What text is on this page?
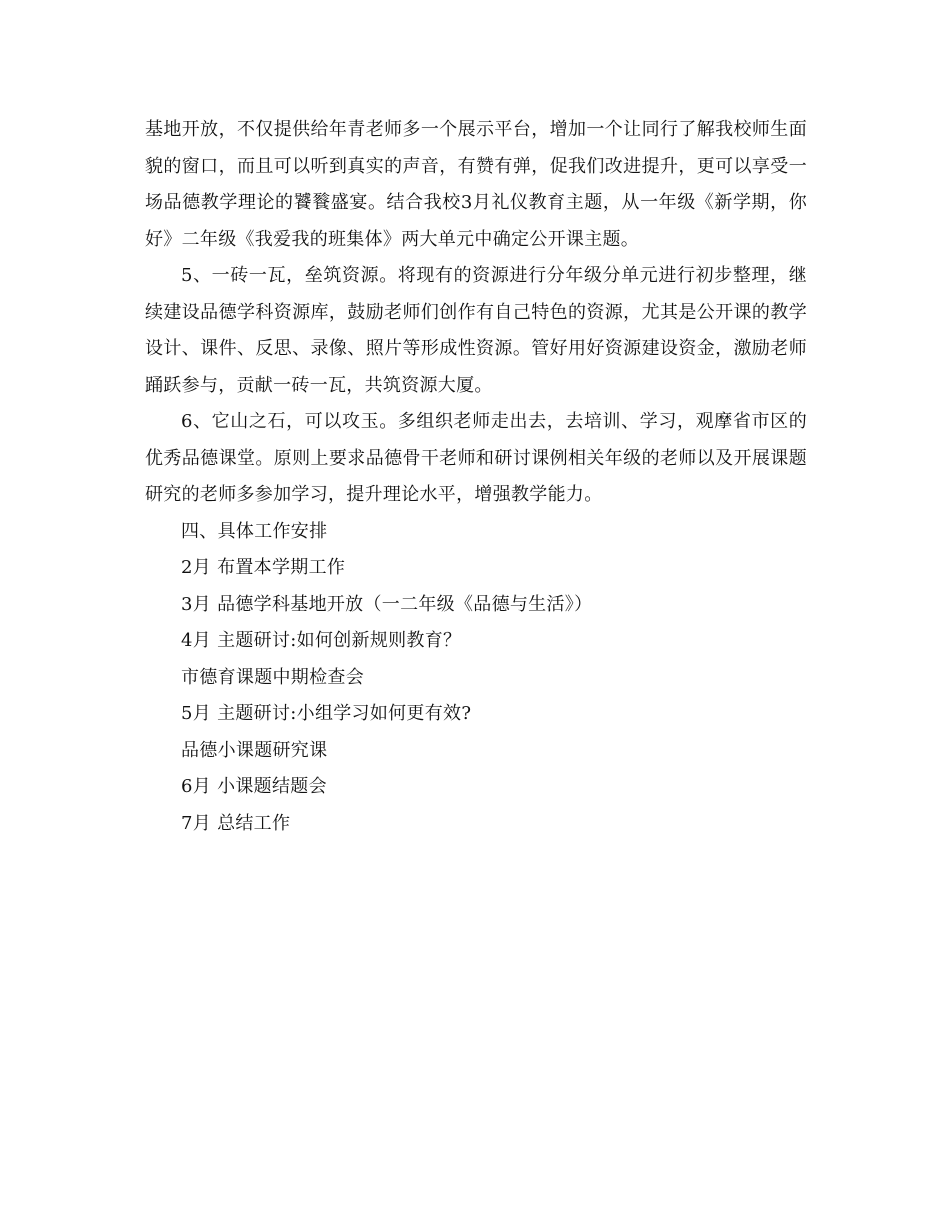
基地开放，不仅提供给年青老师多一个展示平台，增加一个让同行了解我校师生面貌的窗口，而且可以听到真实的声音，有赞有弹，促我们改进提升，更可以享受一场品德教学理论的饕餮盛宴。结合我校3月礼仪教育主题，从一年级《新学期，你好》二年级《我爱我的班集体》两大单元中确定公开课主题。

5、一砖一瓦，垒筑资源。将现有的资源进行分年级分单元进行初步整理，继续建设品德学科资源库，鼓励老师们创作有自己特色的资源，尤其是公开课的教学设计、课件、反思、录像、照片等形成性资源。管好用好资源建设资金，激励老师踊跃参与，贡献一砖一瓦，共筑资源大厦。

6、它山之石，可以攻玉。多组织老师走出去，去培训、学习，观摩省市区的优秀品德课堂。原则上要求品德骨干老师和研讨课例相关年级的老师以及开展课题研究的老师多参加学习，提升理论水平，增强教学能力。

四、具体工作安排

2月 布置本学期工作

3月 品德学科基地开放（一二年级《品德与生活》）

4月 主题研讨:如何创新规则教育？

市德育课题中期检查会

5月 主题研讨:小组学习如何更有效?

品德小课题研究课

6月 小课题结题会

7月 总结工作
